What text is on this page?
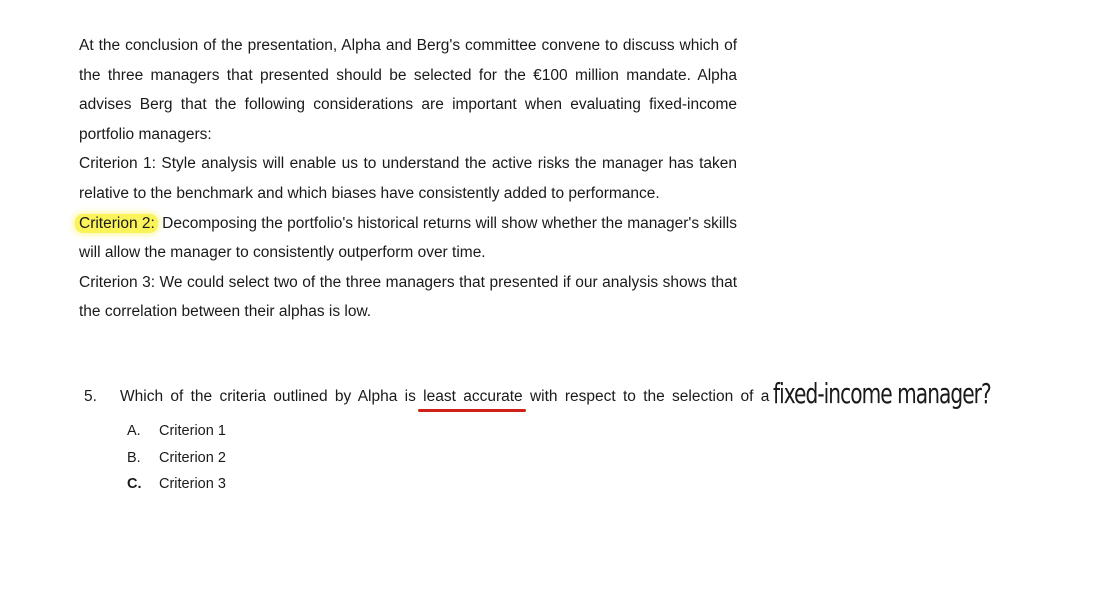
At the conclusion of the presentation, Alpha and Berg's committee convene to discuss which of the three managers that presented should be selected for the €100 million mandate. Alpha advises Berg that the following considerations are important when evaluating fixed-income portfolio managers:

Criterion 1: Style analysis will enable us to understand the active risks the manager has taken relative to the benchmark and which biases have consistently added to performance.

Criterion 2: Decomposing the portfolio's historical returns will show whether the manager's skills will allow the manager to consistently outperform over time.

Criterion 3: We could select two of the three managers that presented if our analysis shows that the correlation between their alphas is low.

5. Which of the criteria outlined by Alpha is least accurate with respect to the selection of a fixed-income manager?
A.	Criterion 1
B.	Criterion 2
C.	Criterion 3
